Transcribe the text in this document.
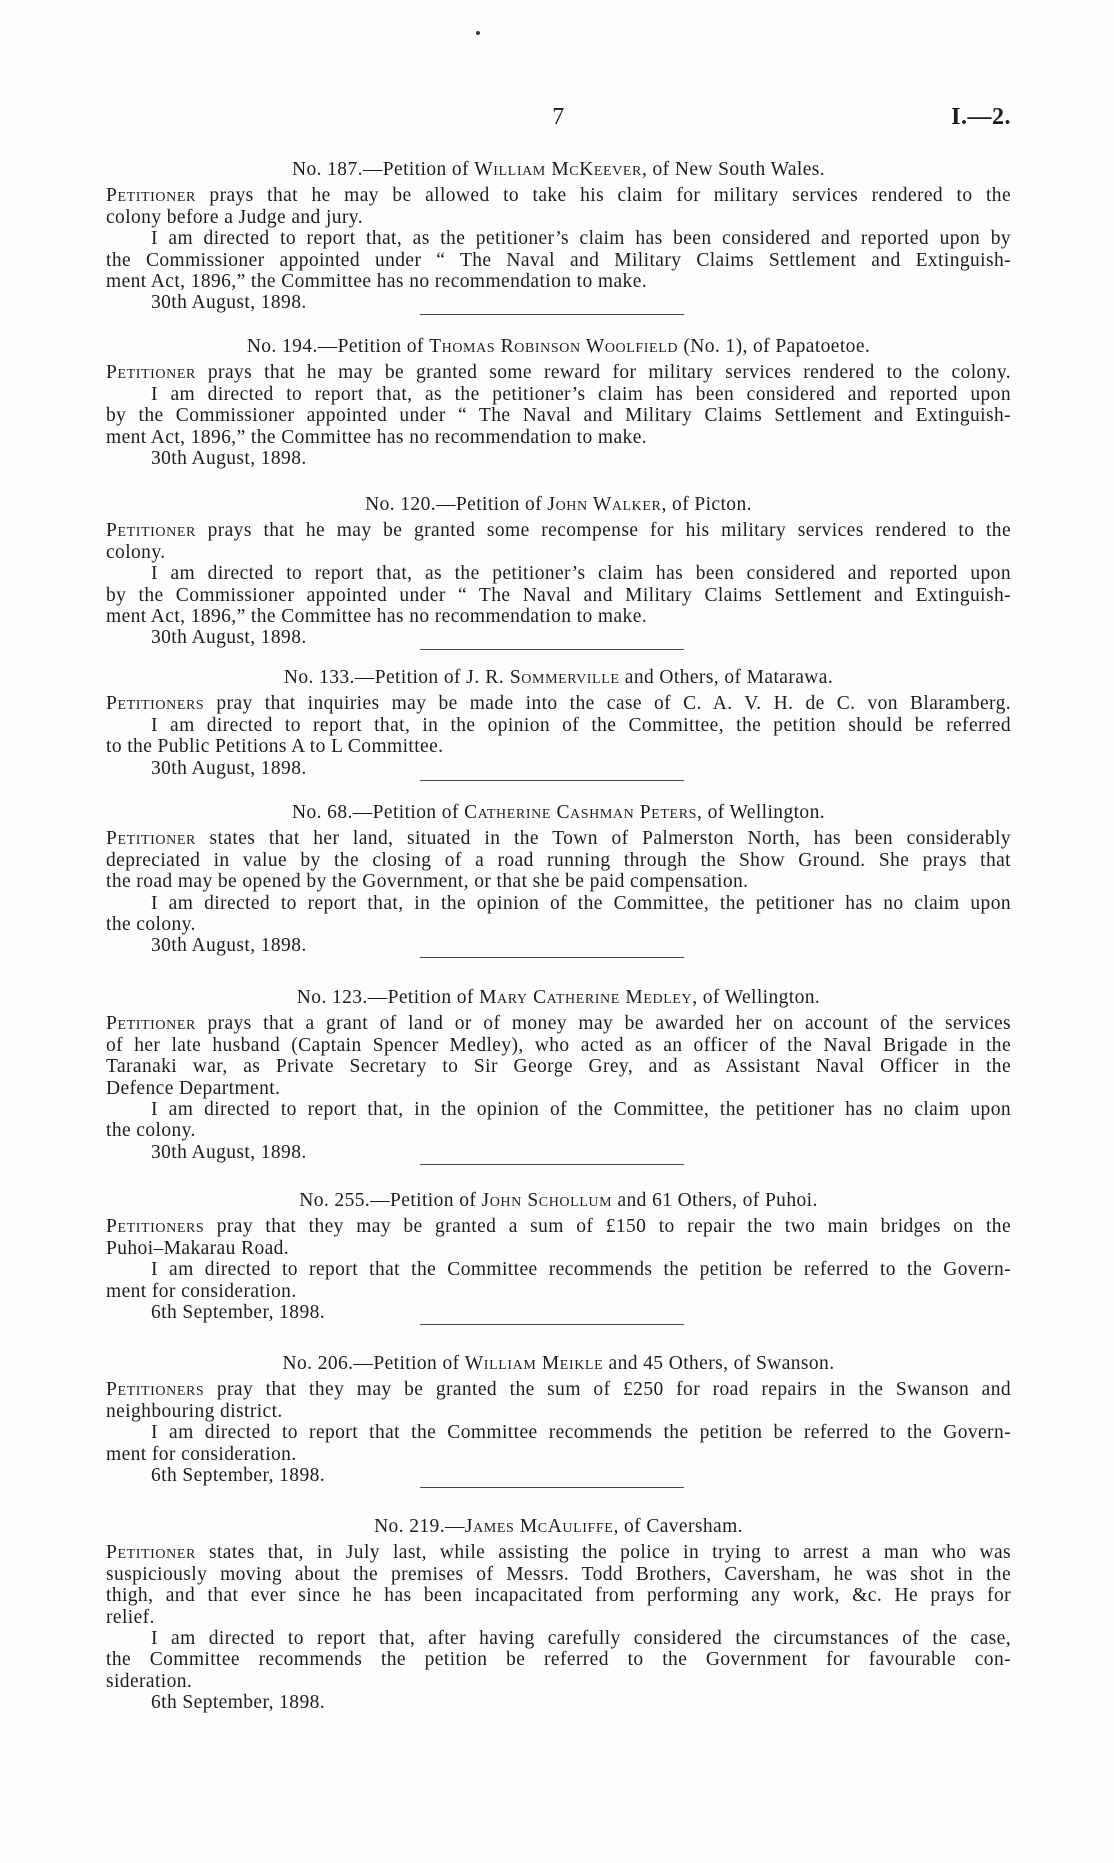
7	I.—2.
No. 187.—Petition of William McKeever, of New South Wales.
Petitioner prays that he may be allowed to take his claim for military services rendered to the
colony before a Judge and jury.
I am directed to report that, as the petitioner’s claim has been considered and reported upon by
the Commissioner appointed under “ The Naval and Military Claims Settlement and Extinguish-
ment Act, 1896,” the Committee has no recommendation to make.
30th August, 1898.
No. 194.—Petition of Thomas Robinson Woolfield (No. 1), of Papatoetoe.
Petitioner prays that he may be granted some reward for military services rendered to the colony.
I am directed to report that, as the petitioner’s claim has been considered and reported upon
by the Commissioner appointed under “ The Naval and Military Claims Settlement and Extinguish-
ment Act, 1896,” the Committee has no recommendation to make.
30th August, 1898.
No. 120.—Petition of John Walker, of Picton.
Petitioner prays that he may be granted some recompense for his military services rendered to the
colony.
I am directed to report that, as the petitioner’s claim has been considered and reported upon
by the Commissioner appointed under “ The Naval and Military Claims Settlement and Extinguish-
ment Act, 1896,” the Committee has no recommendation to make.
30th August, 1898.
No. 133.—Petition of J. R. Sommerville and Others, of Matarawa.
Petitioners pray that inquiries may be made into the case of C. A. V. H. de C. von Blaramberg.
I am directed to report that, in the opinion of the Committee, the petition should be referred
to the Public Petitions A to L Committee.
30th August, 1898.
No. 68.—Petition of Catherine Cashman Peters, of Wellington.
Petitioner states that her land, situated in the Town of Palmerston North, has been considerably
depreciated in value by the closing of a road running through the Show Ground. She prays that
the road may be opened by the Government, or that she be paid compensation.
I am directed to report that, in the opinion of the Committee, the petitioner has no claim upon
the colony.
30th August, 1898.
No. 123.—Petition of Mary Catherine Medley, of Wellington.
Petitioner prays that a grant of land or of money may be awarded her on account of the services
of her late husband (Captain Spencer Medley), who acted as an officer of the Naval Brigade in the
Taranaki war, as Private Secretary to Sir George Grey, and as Assistant Naval Officer in the
Defence Department.
I am directed to report that, in the opinion of the Committee, the petitioner has no claim upon
the colony.
30th August, 1898.
No. 255.—Petition of John Schollum and 61 Others, of Puhoi.
Petitioners pray that they may be granted a sum of £150 to repair the two main bridges on the
Puhoi–Makarau Road.
I am directed to report that the Committee recommends the petition be referred to the Govern-
ment for consideration.
6th September, 1898.
No. 206.—Petition of William Meikle and 45 Others, of Swanson.
Petitioners pray that they may be granted the sum of £250 for road repairs in the Swanson and
neighbouring district.
I am directed to report that the Committee recommends the petition be referred to the Govern-
ment for consideration.
6th September, 1898.
No. 219.—James McAuliffe, of Caversham.
Petitioner states that, in July last, while assisting the police in trying to arrest a man who was
suspiciously moving about the premises of Messrs. Todd Brothers, Caversham, he was shot in the
thigh, and that ever since he has been incapacitated from performing any work, &c. He prays for
relief.
I am directed to report that, after having carefully considered the circumstances of the case,
the Committee recommends the petition be referred to the Government for favourable con-
sideration.
6th September, 1898.
